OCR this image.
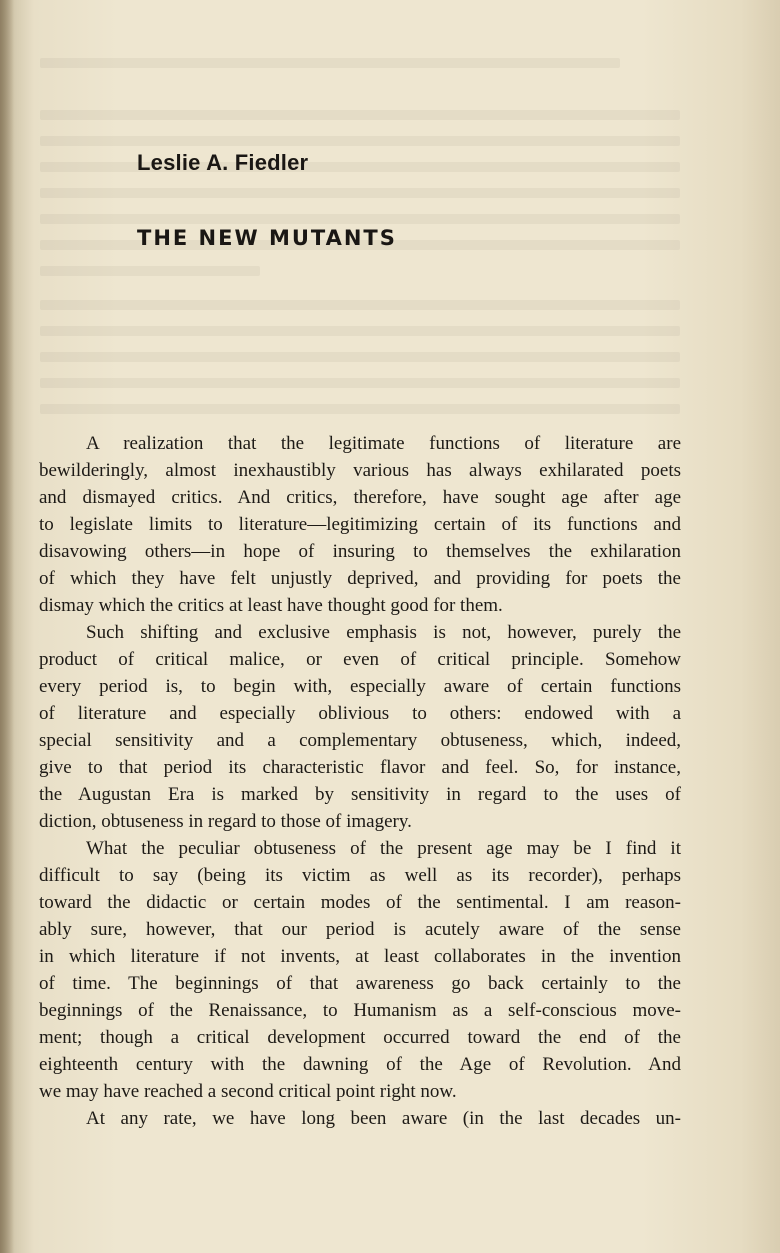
Leslie A. Fiedler
THE NEW MUTANTS
A realization that the legitimate functions of literature are
bewilderingly, almost inexhaustibly various has always exhilarated poets
and dismayed critics. And critics, therefore, have sought age after age
to legislate limits to literature—legitimizing certain of its functions and
disavowing others—in hope of insuring to themselves the exhilaration
of which they have felt unjustly deprived, and providing for poets the
dismay which the critics at least have thought good for them.
Such shifting and exclusive emphasis is not, however, purely the
product of critical malice, or even of critical principle. Somehow
every period is, to begin with, especially aware of certain functions
of literature and especially oblivious to others: endowed with a
special sensitivity and a complementary obtuseness, which, indeed,
give to that period its characteristic flavor and feel. So, for instance,
the Augustan Era is marked by sensitivity in regard to the uses of
diction, obtuseness in regard to those of imagery.
What the peculiar obtuseness of the present age may be I find it
difficult to say (being its victim as well as its recorder), perhaps
toward the didactic or certain modes of the sentimental. I am reason-
ably sure, however, that our period is acutely aware of the sense
in which literature if not invents, at least collaborates in the invention
of time. The beginnings of that awareness go back certainly to the
beginnings of the Renaissance, to Humanism as a self-conscious move-
ment; though a critical development occurred toward the end of the
eighteenth century with the dawning of the Age of Revolution. And
we may have reached a second critical point right now.
At any rate, we have long been aware (in the last decades un-
